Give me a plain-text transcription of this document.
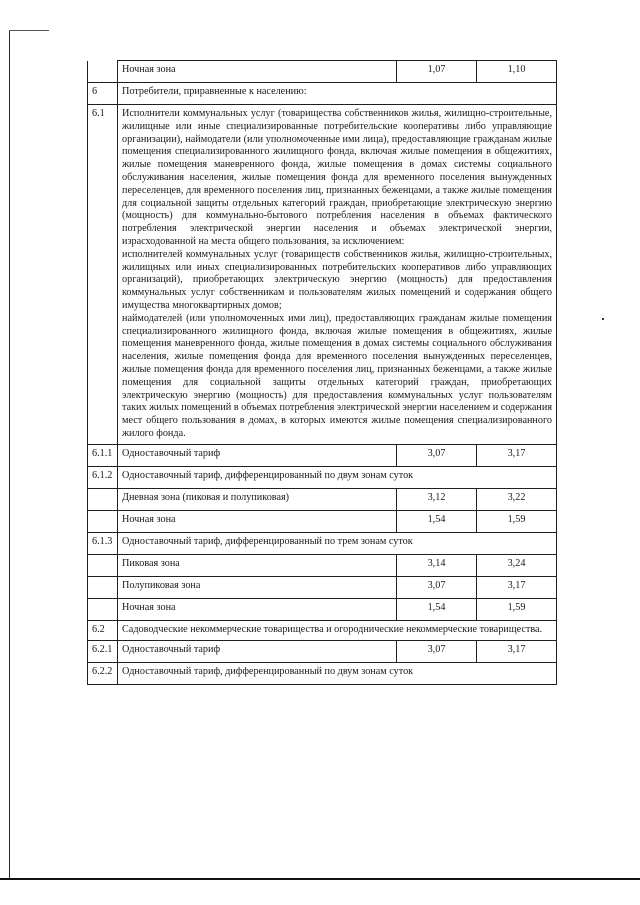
	Ночная зона	1,07	1,10
6	Потребители, приравненные к населению:		
6.1	Исполнители коммунальных услуг (товарищества собственников жилья, жилищно-строительные, жилищные или иные специализированные потребительские кооперативы либо управляющие организации), наймодатели (или уполномоченные ими лица), предоставляющие гражданам жилые помещения специализированного жилищного фонда, включая жилые помещения в общежитиях, жилые помещения маневренного фонда, жилые помещения в домах системы социального обслуживания населения, жилые помещения фонда для временного поселения вынужденных переселенцев, для временного поселения лиц, признанных беженцами, а также жилые помещения для социальной защиты отдельных категорий граждан, приобретающие электрическую энергию (мощность) для коммунально-бытового потребления населения в объемах фактического потребления электрической энергии населения и объемах электрической энергии, израсходованной на места общего пользования, за исключением:

исполнителей коммунальных услуг (товариществ собственников жилья, жилищно-строительных, жилищных или иных специализированных потребительских кооперативов либо управляющих организаций), приобретающих электрическую энергию (мощность) для предоставления коммунальных услуг собственникам и пользователям жилых помещений и содержания общего имущества многоквартирных домов;

наймодателей (или уполномоченных ими лиц), предоставляющих гражданам жилые помещения специализированного жилищного фонда, включая жилые помещения в общежитиях, жилые помещения маневренного фонда, жилые помещения в домах системы социального обслуживания населения, жилые помещения фонда для временного поселения вынужденных переселенцев, жилые помещения фонда для временного поселения лиц, признанных беженцами, а также жилые помещения для социальной защиты отдельных категорий граждан, приобретающих электрическую энергию (мощность) для предоставления коммунальных услуг пользователям таких жилых помещений в объемах потребления электрической энергии населением и содержания мест общего пользования в домах, в которых имеются жилые помещения специализированного жилого фонда.		

6.1.1	Одноставочный тариф	3,07	3,17
6.1.2	Одноставочный тариф, дифференцированный по двум зонам суток		
	Дневная зона (пиковая и полупиковая)	3,12	3,22
	Ночная зона	1,54	1,59
6.1.3	Одноставочный тариф, дифференцированный по трем зонам суток		
	Пиковая зона	3,14	3,24
	Полупиковая зона	3,07	3,17
	Ночная зона	1,54	1,59
6.2	Садоводческие некоммерческие товарищества и огороднические некоммерческие товарищества.		
6.2.1	Одноставочный тариф	3,07	3,17
6.2.2	Одноставочный тариф, дифференцированный по двум зонам суток		
